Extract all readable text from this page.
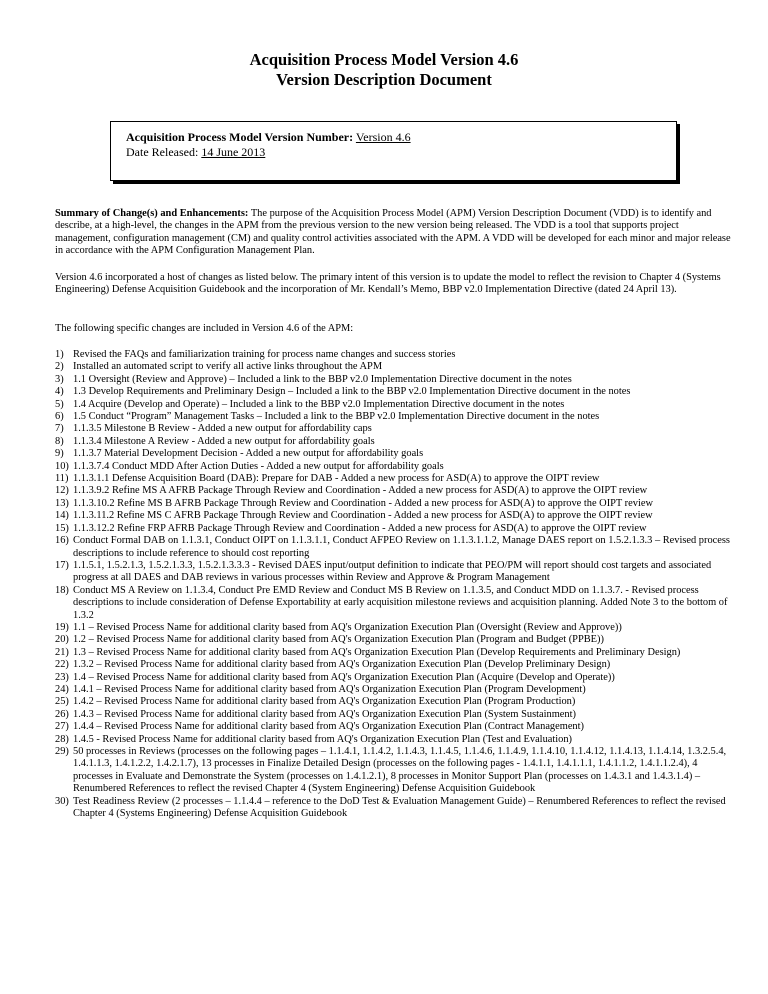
Acquisition Process Model Version 4.6
Version Description Document
Acquisition Process Model Version Number: Version 4.6
Date Released: 14 June 2013

Summary of Change(s) and Enhancements: The purpose of the Acquisition Process Model (APM) Version Description Document (VDD) is to identify and describe, at a high-level, the changes in the APM from the previous version to the new version being released. The VDD is a tool that supports project management, configuration management (CM) and quality control activities associated with the APM. A VDD will be developed for each minor and major release in accordance with the APM Configuration Management Plan.

Version 4.6 incorporated a host of changes as listed below. The primary intent of this version is to update the model to reflect the revision to Chapter 4 (Systems Engineering) Defense Acquisition Guidebook and the incorporation of Mr. Kendall’s Memo, BBP v2.0 Implementation Directive (dated 24 April 13).

The following specific changes are included in Version 4.6 of the APM:

1) Revised the FAQs and familiarization training for process name changes and success stories
2) Installed an automated script to verify all active links throughout the APM
3) 1.1 Oversight (Review and Approve) – Included a link to the BBP v2.0 Implementation Directive document in the notes
4) 1.3 Develop Requirements and Preliminary Design – Included a link to the BBP v2.0 Implementation Directive document in the notes
5) 1.4 Acquire (Develop and Operate) – Included a link to the BBP v2.0 Implementation Directive document in the notes
6) 1.5 Conduct “Program” Management Tasks – Included a link to the BBP v2.0 Implementation Directive document in the notes
7) 1.1.3.5 Milestone B Review - Added a new output for affordability caps
8) 1.1.3.4 Milestone A Review - Added a new output for affordability goals
9) 1.1.3.7 Material Development Decision - Added a new output for affordability goals
10) 1.1.3.7.4 Conduct MDD After Action Duties - Added a new output for affordability goals
11) 1.1.3.1.1 Defense Acquisition Board (DAB): Prepare for DAB - Added a new process for ASD(A) to approve the OIPT review
12) 1.1.3.9.2 Refine MS A AFRB Package Through Review and Coordination - Added a new process for ASD(A) to approve the OIPT review
13) 1.1.3.10.2 Refine MS B AFRB Package Through Review and Coordination - Added a new process for ASD(A) to approve the OIPT review
14) 1.1.3.11.2 Refine MS C AFRB Package Through Review and Coordination - Added a new process for ASD(A) to approve the OIPT review
15) 1.1.3.12.2 Refine FRP AFRB Package Through Review and Coordination - Added a new process for ASD(A) to approve the OIPT review
16) Conduct Formal DAB on 1.1.3.1, Conduct OIPT on 1.1.3.1.1, Conduct AFPEO Review on 1.1.3.1.1.2, Manage DAES report on 1.5.2.1.3.3 – Revised process descriptions to include reference to should cost reporting
17) 1.1.5.1, 1.5.2.1.3, 1.5.2.1.3.3, 1.5.2.1.3.3.3 - Revised DAES input/output definition to indicate that PEO/PM will report should cost targets and associated progress at all DAES and DAB reviews in various processes within Review and Approve & Program Management
18) Conduct MS A Review on 1.1.3.4, Conduct Pre EMD Review and Conduct MS B Review on 1.1.3.5, and Conduct MDD on 1.1.3.7. - Revised process descriptions to include consideration of Defense Exportability at early acquisition milestone reviews and acquisition planning. Added Note 3 to the bottom of 1.3.2
19) 1.1 – Revised Process Name for additional clarity based from AQ's Organization Execution Plan (Oversight (Review and Approve))
20) 1.2 – Revised Process Name for additional clarity based from AQ's Organization Execution Plan (Program and Budget (PPBE))
21) 1.3 – Revised Process Name for additional clarity based from AQ's Organization Execution Plan (Develop Requirements and Preliminary Design)
22) 1.3.2 – Revised Process Name for additional clarity based from AQ's Organization Execution Plan (Develop Preliminary Design)
23) 1.4 – Revised Process Name for additional clarity based from AQ's Organization Execution Plan (Acquire (Develop and Operate))
24) 1.4.1 – Revised Process Name for additional clarity based from AQ's Organization Execution Plan (Program Development)
25) 1.4.2 – Revised Process Name for additional clarity based from AQ's Organization Execution Plan (Program Production)
26) 1.4.3 – Revised Process Name for additional clarity based from AQ's Organization Execution Plan (System Sustainment)
27) 1.4.4 – Revised Process Name for additional clarity based from AQ's Organization Execution Plan (Contract Management)
28) 1.4.5 - Revised Process Name for additional clarity based from AQ's Organization Execution Plan (Test and Evaluation)
29) 50 processes in Reviews (processes on the following pages – 1.1.4.1, 1.1.4.2, 1.1.4.3, 1.1.4.5, 1.1.4.6, 1.1.4.9, 1.1.4.10, 1.1.4.12, 1.1.4.13, 1.1.4.14, 1.3.2.5.4, 1.4.1.1.3, 1.4.1.2.2, 1.4.2.1.7), 13 processes in Finalize Detailed Design (processes on the following pages - 1.4.1.1, 1.4.1.1.1, 1.4.1.1.2, 1.4.1.1.2.4), 4 processes in Evaluate and Demonstrate the System (processes on 1.4.1.2.1), 8 processes in Monitor Support Plan (processes on 1.4.3.1 and 1.4.3.1.4) – Renumbered References to reflect the revised Chapter 4 (System Engineering) Defense Acquisition Guidebook
30) Test Readiness Review (2 processes – 1.1.4.4 – reference to the DoD Test & Evaluation Management Guide) – Renumbered References to reflect the revised Chapter 4 (Systems Engineering) Defense Acquisition Guidebook
